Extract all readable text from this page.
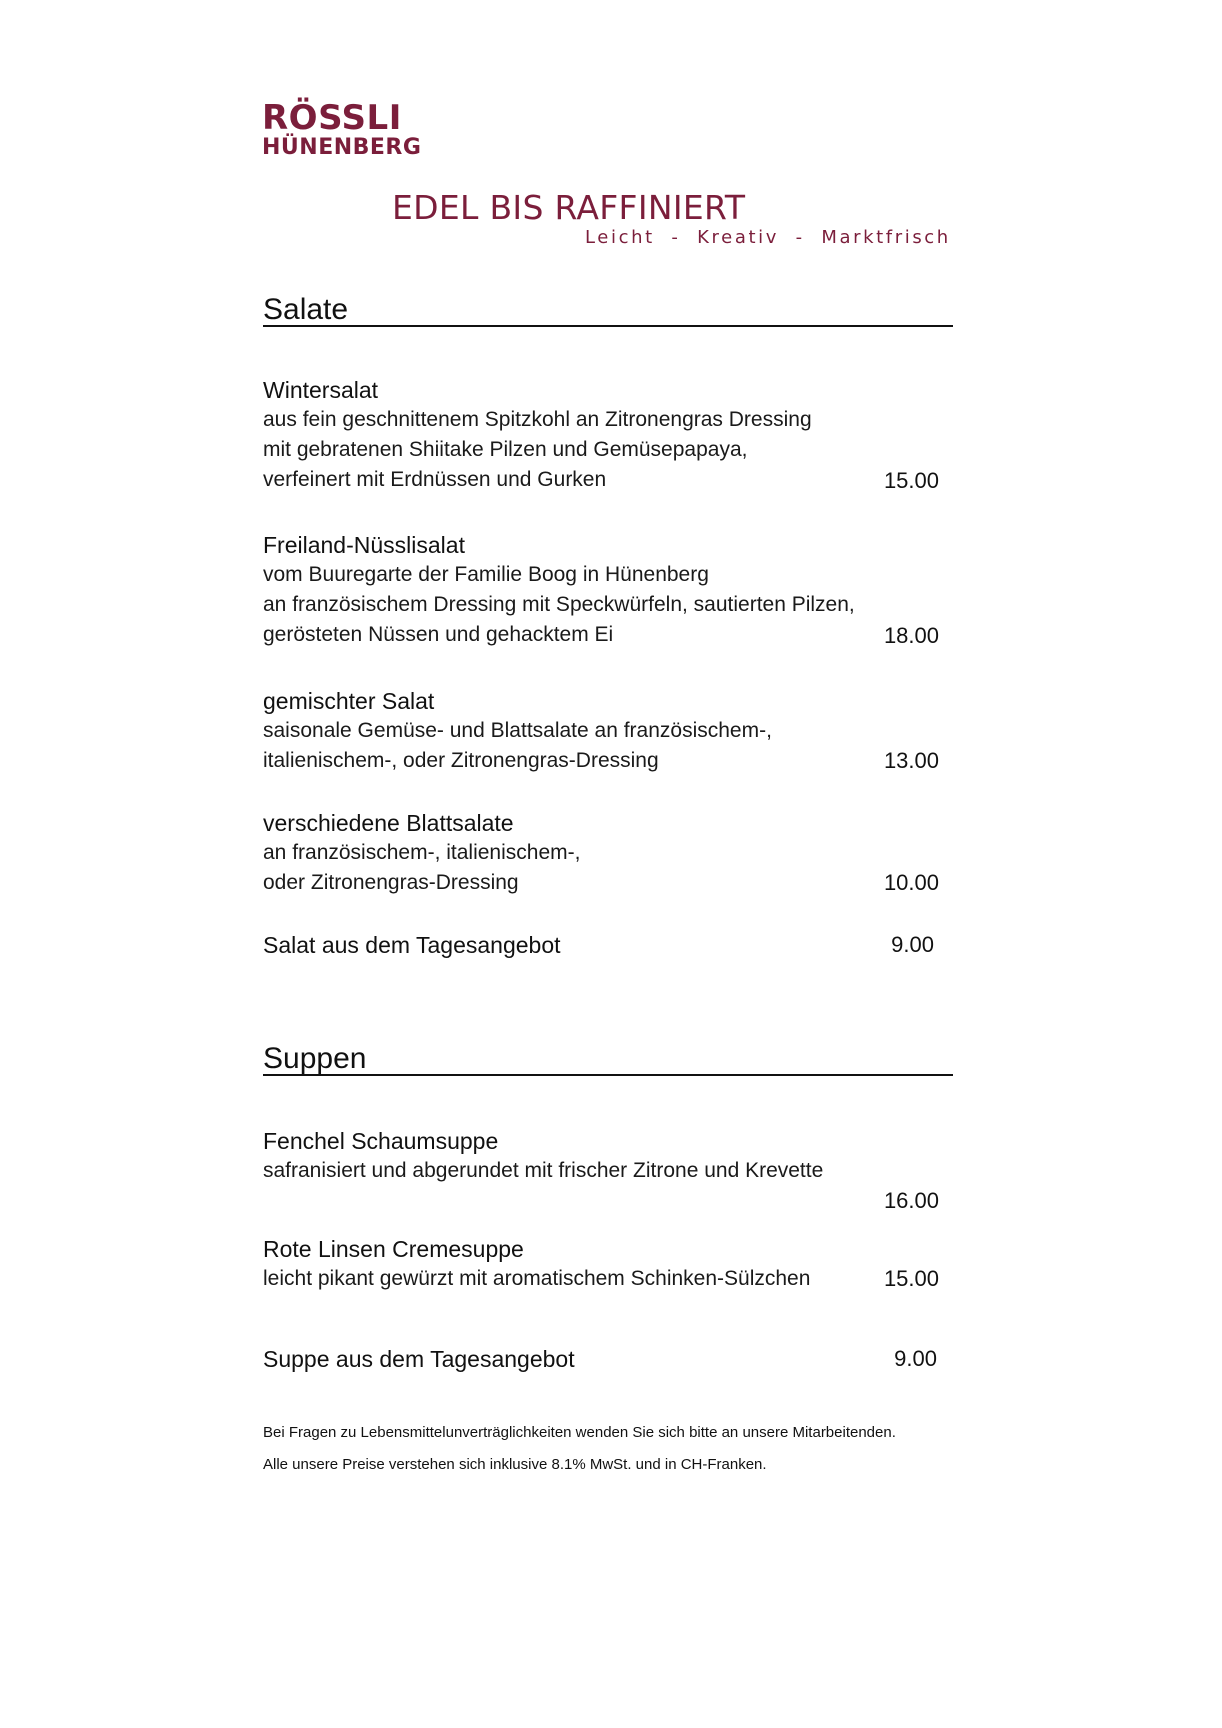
RÖSSLI
HÜNENBERG
EDEL BIS RAFFINIERT
Leicht  -  Kreativ  -  Marktfrisch
Salate
Wintersalat
aus fein geschnittenem Spitzkohl an Zitronengras Dressing
mit gebratenen Shiitake Pilzen und Gemüsepapaya,
verfeinert mit Erdnüssen und Gurken	15.00
Freiland-Nüsslisalat
vom Buuregarte der Familie Boog in Hünenberg
an französischem Dressing mit Speckwürfeln, sautierten Pilzen,
gerösteten Nüssen und gehacktem Ei	18.00
gemischter Salat
saisonale Gemüse- und Blattsalate an französischem-,
italienischem-, oder Zitronengras-Dressing	13.00
verschiedene Blattsalate
an französischem-, italienischem-,
oder Zitronengras-Dressing	10.00
Salat aus dem Tagesangebot	9.00
Suppen
Fenchel Schaumsuppe
safranisiert und abgerundet mit frischer Zitrone und Krevette
16.00
Rote Linsen Cremesuppe
leicht pikant gewürzt mit aromatischem Schinken-Sülzchen	15.00
Suppe aus dem Tagesangebot	9.00
Bei Fragen zu Lebensmittelunverträglichkeiten wenden Sie sich bitte an unsere Mitarbeitenden.
Alle unsere Preise verstehen sich inklusive 8.1% MwSt. und in CH-Franken.
